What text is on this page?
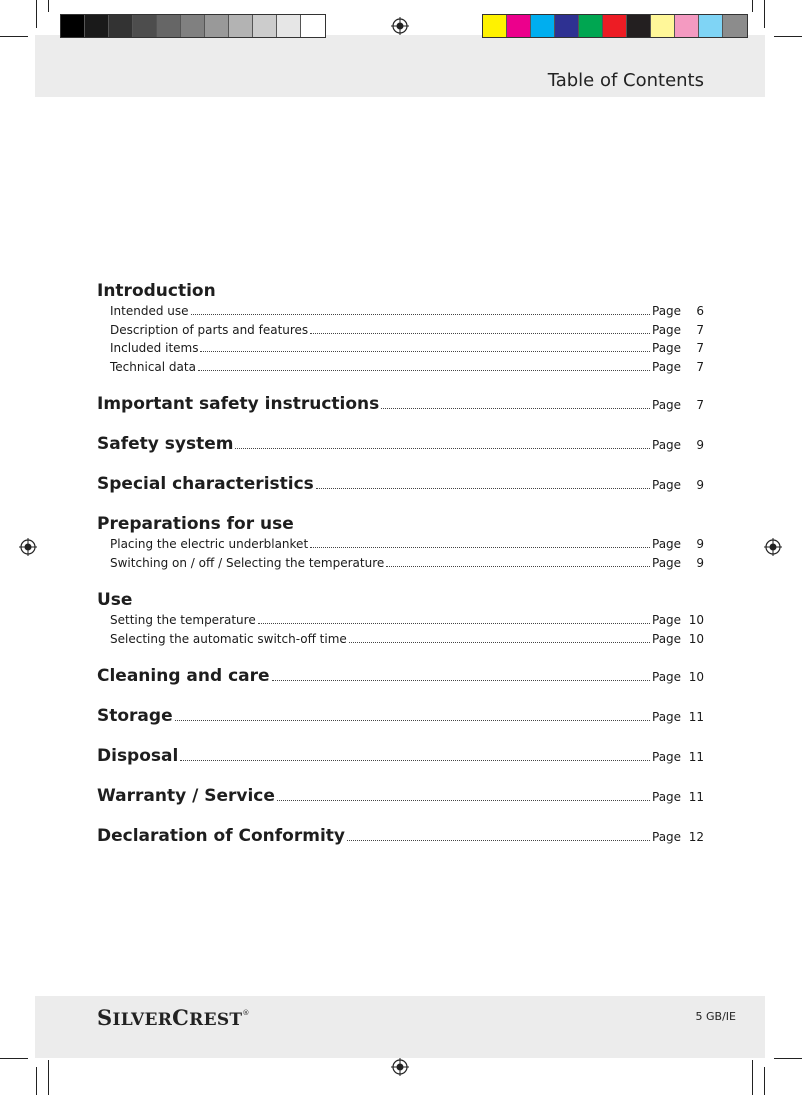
Table of Contents
SILVERCREST®	5 GB/IE
Introduction
Intended use	Page	6
Description of parts and features	Page	7
Included items	Page	7
Technical data	Page	7
Important safety instructions	Page	7
Safety system	Page	9
Special characteristics	Page	9
Preparations for use
Placing the electric underblanket	Page	9
Switching on / off / Selecting the temperature	Page	9
Use
Setting the temperature	Page 10
Selecting the automatic switch-off time	Page 10
Cleaning and care	Page 10
Storage	Page 11
Disposal	Page 11
Warranty / Service	Page 11
Declaration of Conformity	Page 12
